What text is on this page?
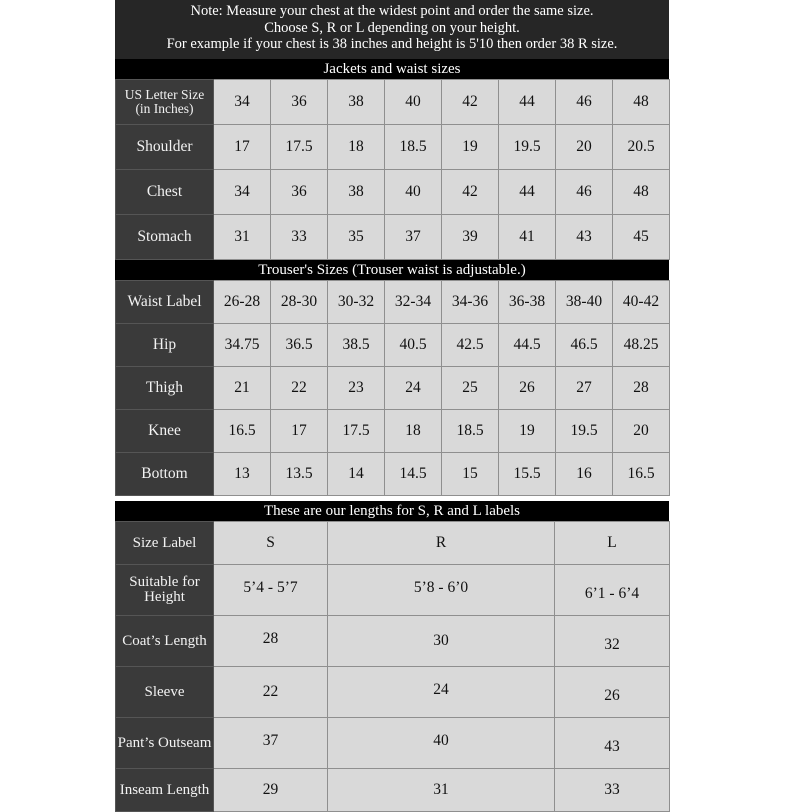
Note: Measure your chest at the widest point and order the same size.
Choose S, R or L depending on your height.
For example if your chest is 38 inches and height is 5'10 then order 38 R size.
Jackets and waist sizes
US Letter Size (in Inches)	34	36	38	40	42	44	46	48
Shoulder	17	17.5	18	18.5	19	19.5	20	20.5
Chest	34	36	38	40	42	44	46	48
Stomach	31	33	35	37	39	41	43	45
Trouser's Sizes (Trouser waist is adjustable.)
Waist Label	26-28	28-30	30-32	32-34	34-36	36-38	38-40	40-42
Hip	34.75	36.5	38.5	40.5	42.5	44.5	46.5	48.25
Thigh	21	22	23	24	25	26	27	28
Knee	16.5	17	17.5	18	18.5	19	19.5	20
Bottom	13	13.5	14	14.5	15	15.5	16	16.5
These are our lengths for S, R and L labels
Size Label	S	R	L
Suitable for Height	5’4 - 5’7	5’8 - 6’0	6’1 - 6’4
Coat’s Length	28	30	32
Sleeve	22	24	26
Pant’s Outseam	37	40	43
Inseam Length	29	31	33
